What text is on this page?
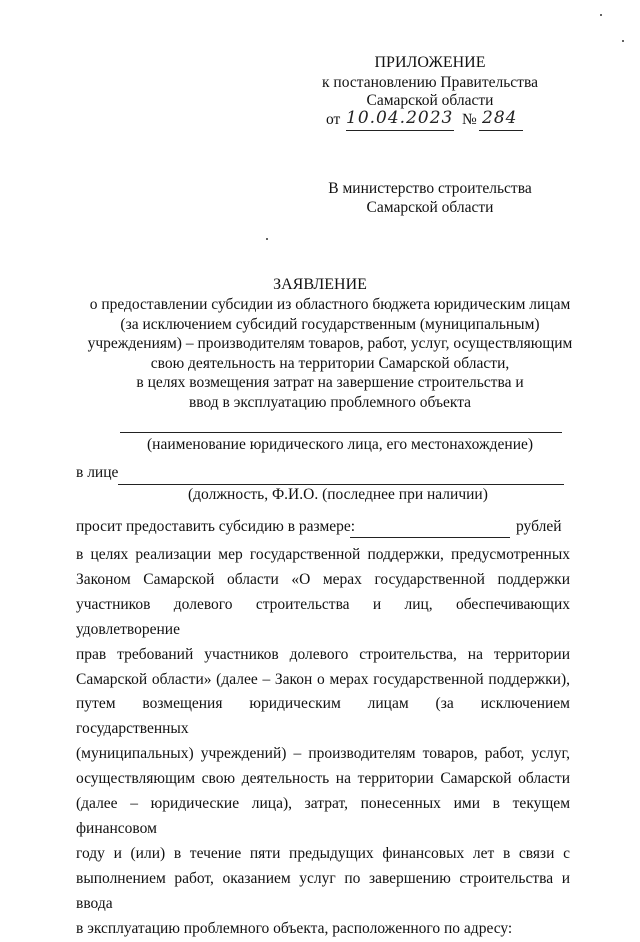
ПРИЛОЖЕНИЕ
к постановлению Правительства
Самарской области
от 10.04.2023 № 284
В министерство строительства
Самарской области
ЗАЯВЛЕНИЕ
о предоставлении субсидии из областного бюджета юридическим лицам
(за исключением субсидий государственным (муниципальным)
учреждениям) – производителям товаров, работ, услуг, осуществляющим
свою деятельность на территории Самарской области,
в целях возмещения затрат на завершение строительства и
ввод в эксплуатацию проблемного объекта
(наименование юридического лица, его местонахождение)
в лице
(должность, Ф.И.О. (последнее при наличии)
просит предоставить субсидию в размере:	рублей
в целях реализации мер государственной поддержки, предусмотренных
Законом Самарской области «О мерах государственной поддержки
участников долевого строительства и лиц, обеспечивающих удовлетворение
прав требований участников долевого строительства, на территории
Самарской области» (далее – Закон о мерах государственной поддержки),
путем возмещения юридическим лицам (за исключением государственных
(муниципальных) учреждений) – производителям товаров, работ, услуг,
осуществляющим свою деятельность на территории Самарской области
(далее – юридические лица), затрат, понесенных ими в текущем финансовом
году и (или) в течение пяти предыдущих финансовых лет в связи с
выполнением работ, оказанием услуг по завершению строительства и ввода
в эксплуатацию проблемного объекта, расположенного по адресу:
